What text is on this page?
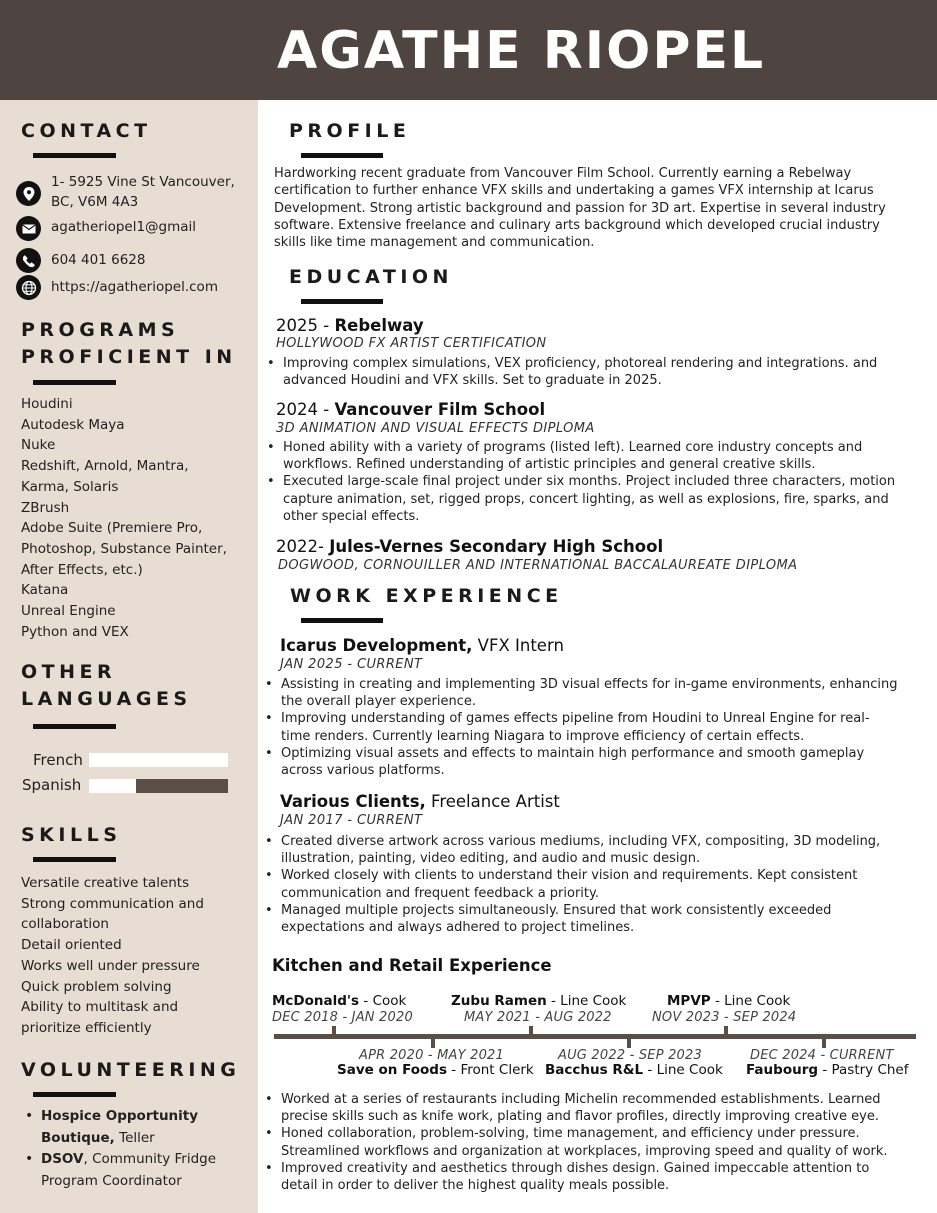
AGATHE RIOPEL
CONTACT
1- 5925 Vine St Vancouver,
BC, V6M 4A3
agatheriopel1@gmail
604 401 6628
https://agatheriopel.com
PROGRAMS
PROFICIENT IN
Houdini
Autodesk Maya
Nuke
Redshift, Arnold, Mantra,
Karma, Solaris
ZBrush
Adobe Suite (Premiere Pro,
Photoshop, Substance Painter,
After Effects, etc.)
Katana
Unreal Engine
Python and VEX
OTHER
LANGUAGES
French
Spanish
SKILLS
Versatile creative talents
Strong communication and
collaboration
Detail oriented
Works well under pressure
Quick problem solving
Ability to multitask and
prioritize efficiently
VOLUNTEERING
• Hospice Opportunity
Boutique, Teller
• DSOV, Community Fridge
Program Coordinator
PROFILE
Hardworking recent graduate from Vancouver Film School. Currently earning a Rebelway
certification to further enhance VFX skills and undertaking a games VFX internship at Icarus
Development. Strong artistic background and passion for 3D art. Expertise in several industry
software. Extensive freelance and culinary arts background which developed crucial industry
skills like time management and communication.
EDUCATION
2025 - Rebelway
HOLLYWOOD FX ARTIST CERTIFICATION
• Improving complex simulations, VEX proficiency, photoreal rendering and integrations. and
advanced Houdini and VFX skills. Set to graduate in 2025.
2024 - Vancouver Film School
3D ANIMATION AND VISUAL EFFECTS DIPLOMA
• Honed ability with a variety of programs (listed left). Learned core industry concepts and
workflows. Refined understanding of artistic principles and general creative skills.
• Executed large-scale final project under six months. Project included three characters, motion
capture animation, set, rigged props, concert lighting, as well as explosions, fire, sparks, and
other special effects.
2022- Jules-Vernes Secondary High School
DOGWOOD, CORNOUILLER AND INTERNATIONAL BACCALAUREATE DIPLOMA
WORK EXPERIENCE
Icarus Development, VFX Intern
JAN 2025 - CURRENT
• Assisting in creating and implementing 3D visual effects for in-game environments, enhancing
the overall player experience.
• Improving understanding of games effects pipeline from Houdini to Unreal Engine for real-
time renders. Currently learning Niagara to improve efficiency of certain effects.
• Optimizing visual assets and effects to maintain high performance and smooth gameplay
across various platforms.
Various Clients, Freelance Artist
JAN 2017 - CURRENT
• Created diverse artwork across various mediums, including VFX, compositing, 3D modeling,
illustration, painting, video editing, and audio and music design.
• Worked closely with clients to understand their vision and requirements. Kept consistent
communication and frequent feedback a priority.
• Managed multiple projects simultaneously. Ensured that work consistently exceeded
expectations and always adhered to project timelines.
Kitchen and Retail Experience
McDonald's - Cook
DEC 2018 - JAN 2020
Zubu Ramen - Line Cook
MAY 2021 - AUG 2022
MPVP - Line Cook
NOV 2023 - SEP 2024
APR 2020 - MAY 2021
Save on Foods - Front Clerk
AUG 2022 - SEP 2023
Bacchus R&L - Line Cook
DEC 2024 - CURRENT
Faubourg - Pastry Chef
• Worked at a series of restaurants including Michelin recommended establishments. Learned
precise skills such as knife work, plating and flavor profiles, directly improving creative eye.
• Honed collaboration, problem-solving, time management, and efficiency under pressure.
Streamlined workflows and organization at workplaces, improving speed and quality of work.
• Improved creativity and aesthetics through dishes design. Gained impeccable attention to
detail in order to deliver the highest quality meals possible.
